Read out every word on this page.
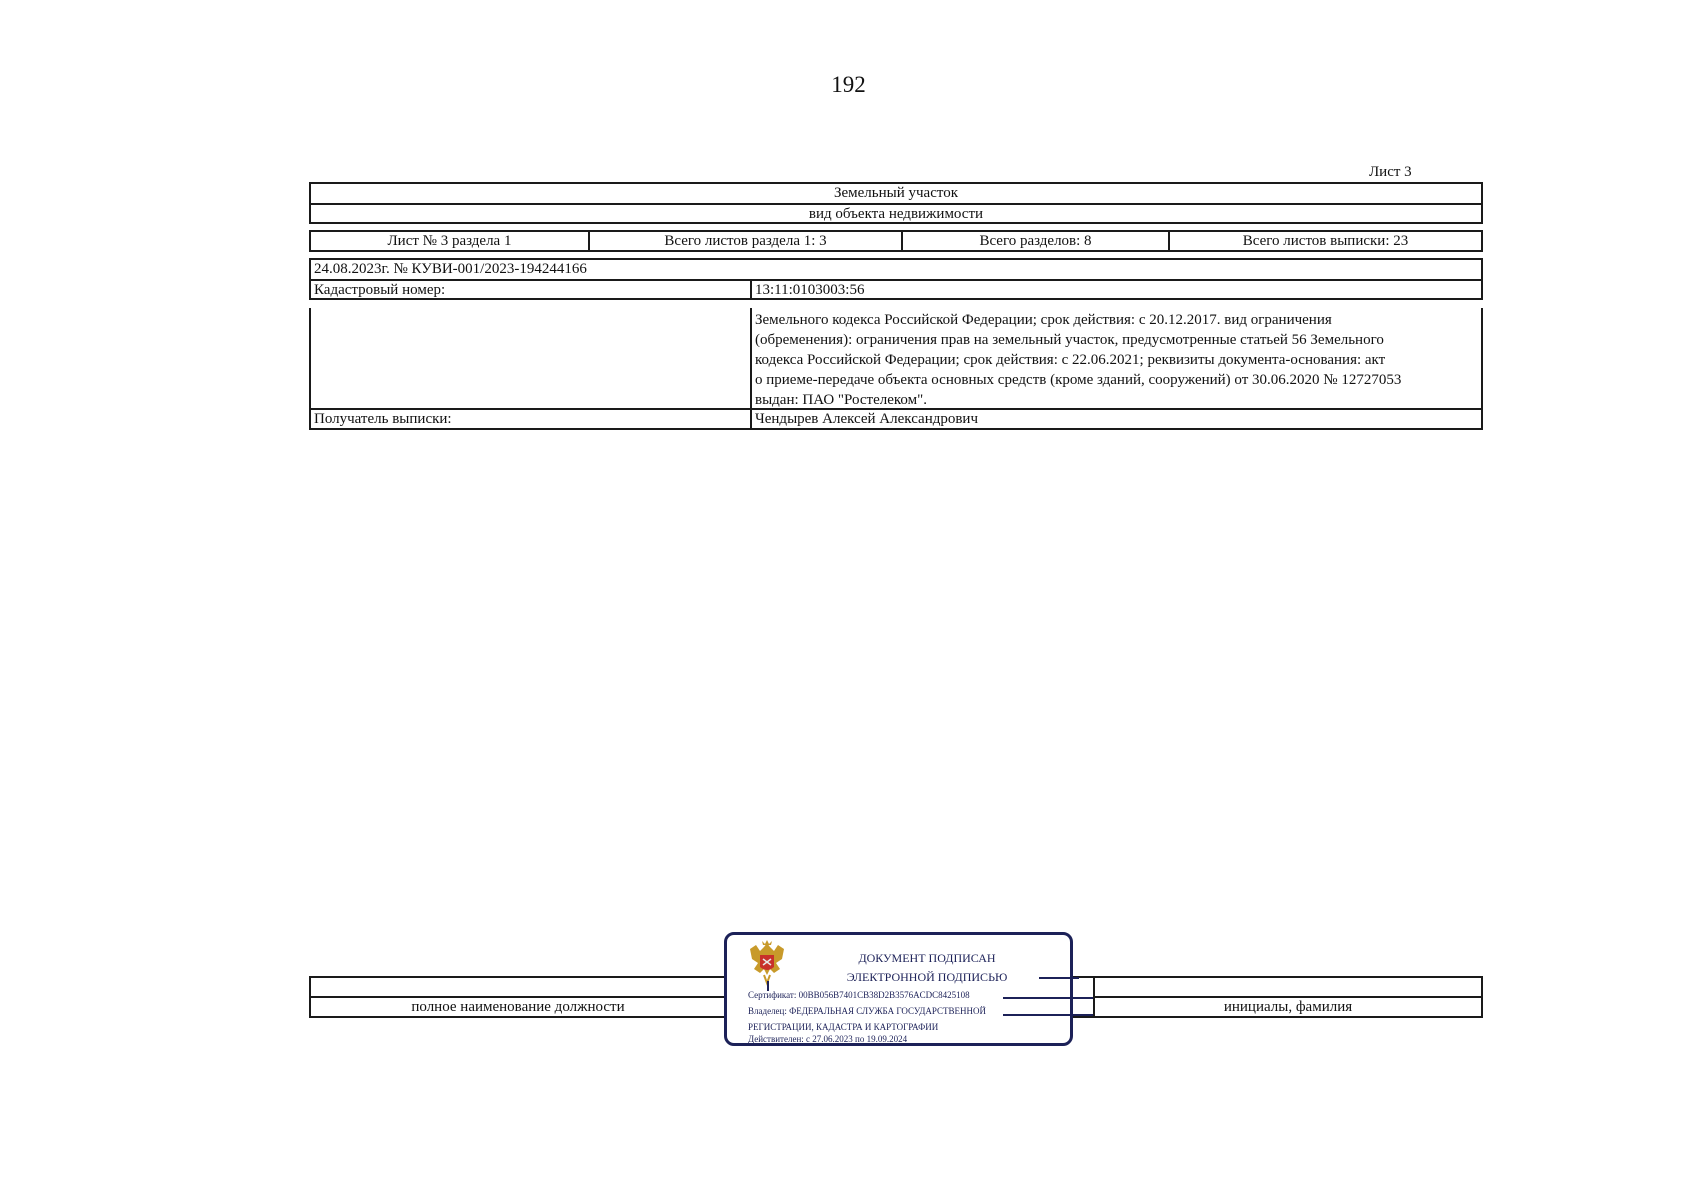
192
Лист 3
Земельный участок
вид объекта недвижимости
Лист № 3 раздела 1	Всего листов раздела 1: 3	Всего разделов: 8	Всего листов выписки: 23
24.08.2023г. № КУВИ-001/2023-194244166
Кадастровый номер:	13:11:0103003:56
Земельного кодекса Российской Федерации; срок действия: с 20.12.2017. вид ограничения
(обременения): ограничения прав на земельный участок, предусмотренные статьей 56 Земельного
кодекса Российской Федерации; срок действия: с 22.06.2021; реквизиты документа-основания: акт
о приеме-передаче объекта основных средств (кроме зданий, сооружений) от 30.06.2020 № 12727053
выдан: ПАО "Ростелеком".
Получатель выписки:	Чендырев Алексей Александрович
полное наименование должности	инициалы, фамилия
ДОКУМЕНТ ПОДПИСАН
ЭЛЕКТРОННОЙ ПОДПИСЬЮ
Сертификат: 00BB056B7401CB38D2B3576ACDC8425108
Владелец: ФЕДЕРАЛЬНАЯ СЛУЖБА ГОСУДАРСТВЕННОЙ
РЕГИСТРАЦИИ, КАДАСТРА И КАРТОГРАФИИ
Действителен: с 27.06.2023 по 19.09.2024
